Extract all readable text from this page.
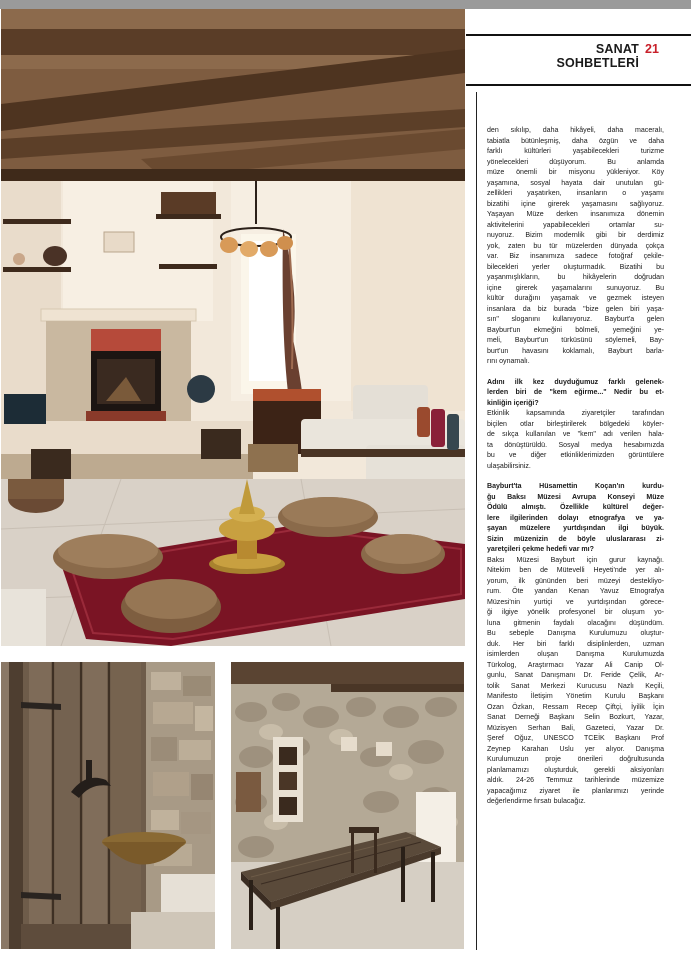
SANAT
SOHBETLERİ
21

den sıkılıp, daha hikâyeli, daha maceralı,

tabiatla bütünleşmiş, daha özgün ve daha

farklı kültürleri yaşabilecekleri turizme

yönelecekleri düşüyorum. Bu anlamda

müze önemli bir misyonu yükleniyor. Köy

yaşamına, sosyal hayata dair unutulan gü-

zellikleri yaşatırken, insanların o yaşamı

bizatihi içine girerek yaşamasını sağlıyoruz.

Yaşayan Müze derken insanımıza dönemin

aktivitelerini yapabilecekleri ortamlar su-

nuyoruz. Bizim modernlik gibi bir derdimiz

yok, zaten bu tür müzelerden dünyada çokça

var. Biz insanımıza sadece fotoğraf çekile-

bilecekleri yerler oluşturmadık. Bizatihi bu

yaşanmışlıkların, bu hikâyelerin doğrudan

içine girerek yaşamalarını sunuyoruz. Bu

kültür durağını yaşamak ve gezmek isteyen

insanlara da biz burada "bize gelen biri yaşa-

sın" sloganını kullanıyoruz. Bayburt'a gelen

Bayburt'un ekmeğini bölmeli, yemeğini ye-

meli, Bayburt'un türküsünü söylemeli, Bay-

burt'un havasını koklamalı, Bayburt barla-

rını oynamalı.

Adını ilk kez duyduğumuz farklı gelenek-

lerden biri de "kem eğirme..." Nedir bu et-

kinliğin içeriği?

Etkinlik kapsamında ziyaretçiler tarafından

biçilen otlar birleştirilerek bölgedeki köyler-

de sıkça kullanılan ve "kem" adı verilen hala-

ta dönüştürüldü. Sosyal medya hesabımızda

bu ve diğer etkinliklerimizden görüntülere

ulaşabilirsiniz.

Bayburt'ta Hüsamettin Koçan'ın kurdu-

ğu Baksı Müzesi Avrupa Konseyi Müze

Ödülü almıştı. Özellikle kültürel değer-

lere ilgilerinden dolayı etnografya ve ya-

şayan müzelere yurtdışından ilgi büyük.

Sizin müzenizin de böyle uluslararası zi-

yaretçileri çekme hedefi var mı?

Baksı Müzesi Bayburt için gurur kaynağı.

Nitekim ben de Mütevelli Heyeti'nde yer alı-

yorum, ilk gününden beri müzeyi destekliyo-

rum. Öte yandan Kenan Yavuz Etnografya

Müzesi'nin yurtiçi ve yurtdışından görece-

ği ilgiye yönelik profesyonel bir oluşum yo-

luna gitmenin faydalı olacağını düşündüm.

Bu sebeple Danışma Kurulumuzu oluştur-

duk. Her biri farklı disiplinlerden, uzman

isimlerden oluşan Danışma Kurulumuzda

Türkolog, Araştırmacı Yazar Ali Canip Ol-

gunlu, Sanat Danışmanı Dr. Feride Çelik, Ar-

tolik Sanat Merkezi Kurucusu Nazlı Keçili,

Manifesto İletişim Yönetim Kurulu Başkanı

Ozan Özkan, Ressam Recep Çiftçi, İyilik İçin

Sanat Derneği Başkanı Selin Bozkurt, Yazar,

Müzisyen Serhan Bali, Gazeteci, Yazar Dr.

Şeref Oğuz, UNESCO TCEİK Başkanı Prof

Zeynep Karahan Uslu yer alıyor. Danışma

Kurulumuzun proje önerileri doğrultusunda

planlamamızı oluşturduk, gerekli aksiyonları

aldık. 24-26 Temmuz tarihlerinde müzemize

yapacağımız ziyaret ile planlarımızı yerinde

değerlendirme fırsatı bulacağız.
